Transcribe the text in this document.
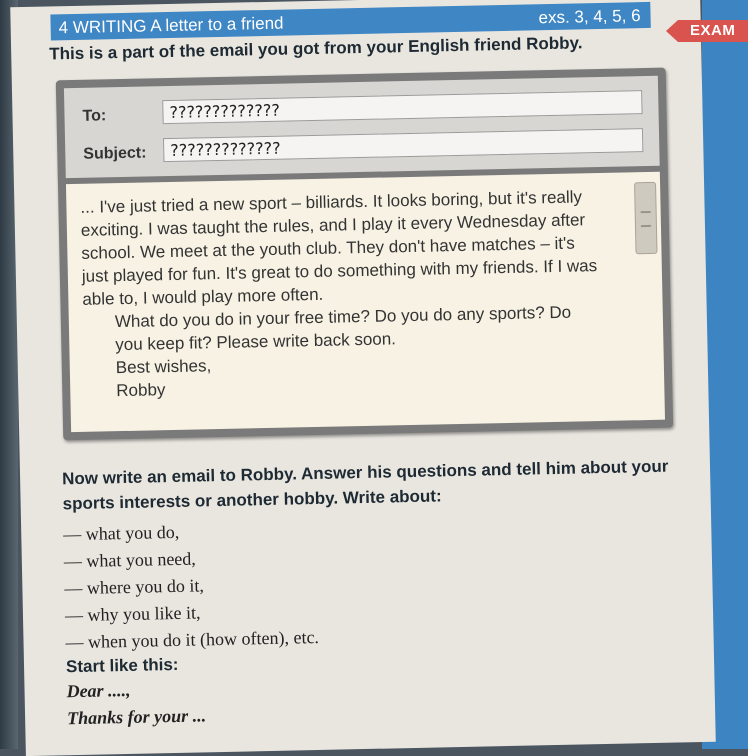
4 WRITING A letter to a friend	exs. 3, 4, 5, 6
This is a part of the email you got from your English friend Robby.
To:	?????????????
Subject:	?????????????

... I've just tried a new sport – billiards. It looks boring, but it's really exciting. I was taught the rules, and I play it every Wednesday after school. We meet at the youth club. They don't have matches – it's just played for fun. It's great to do something with my friends. If I was able to, I would play more often.

What do you do in your free time? Do you do any sports? Do you keep fit? Please write back soon.

Best wishes,

Robby

Now write an email to Robby. Answer his questions and tell him about your sports interests or another hobby. Write about:
— what you do,
— what you need,
— where you do it,
— why you like it,
— when you do it (how often), etc.
Start like this:
Dear ....,
Thanks for your ...
EXAM
